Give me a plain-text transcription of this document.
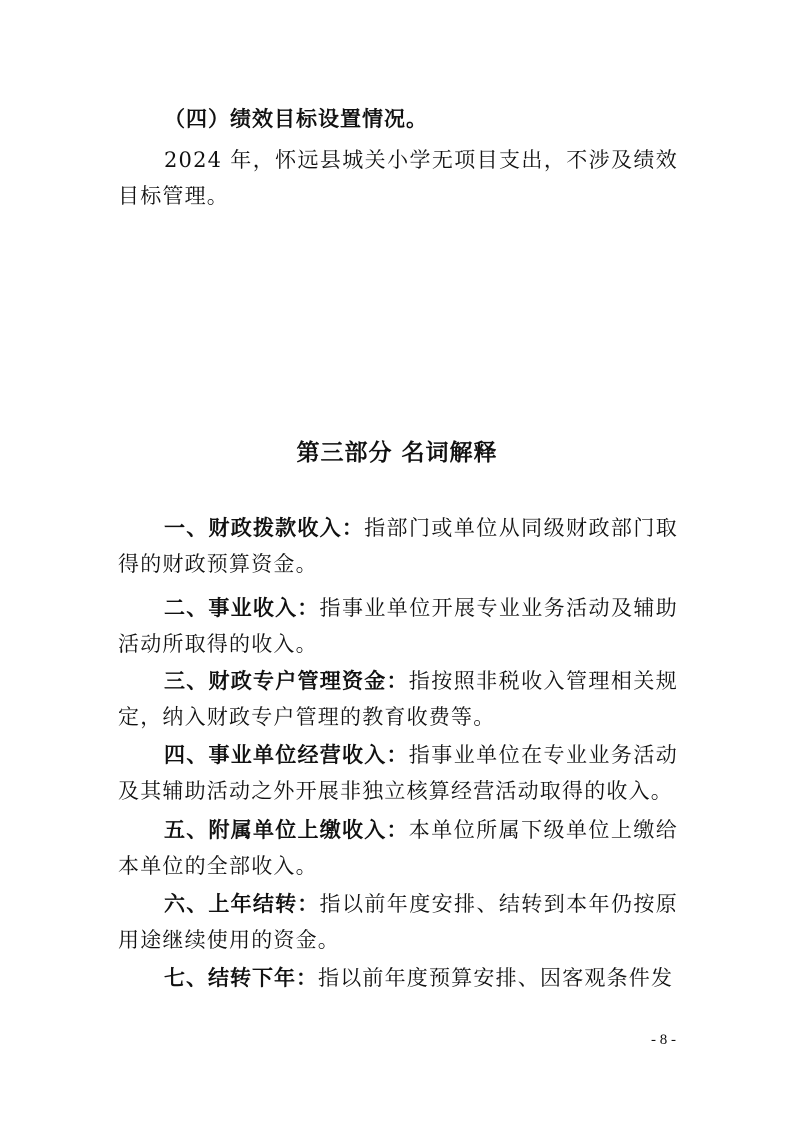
（四）绩效目标设置情况。

2024 年，怀远县城关小学无项目支出，不涉及绩效目标管理。

第三部分 名词解释

一、财政拨款收入：指部门或单位从同级财政部门取得的财政预算资金。

二、事业收入：指事业单位开展专业业务活动及辅助活动所取得的收入。

三、财政专户管理资金：指按照非税收入管理相关规定，纳入财政专户管理的教育收费等。

四、事业单位经营收入：指事业单位在专业业务活动及其辅助活动之外开展非独立核算经营活动取得的收入。

五、附属单位上缴收入：本单位所属下级单位上缴给本单位的全部收入。

六、上年结转：指以前年度安排、结转到本年仍按原用途继续使用的资金。

七、结转下年：指以前年度预算安排、因客观条件发

- 8 -
